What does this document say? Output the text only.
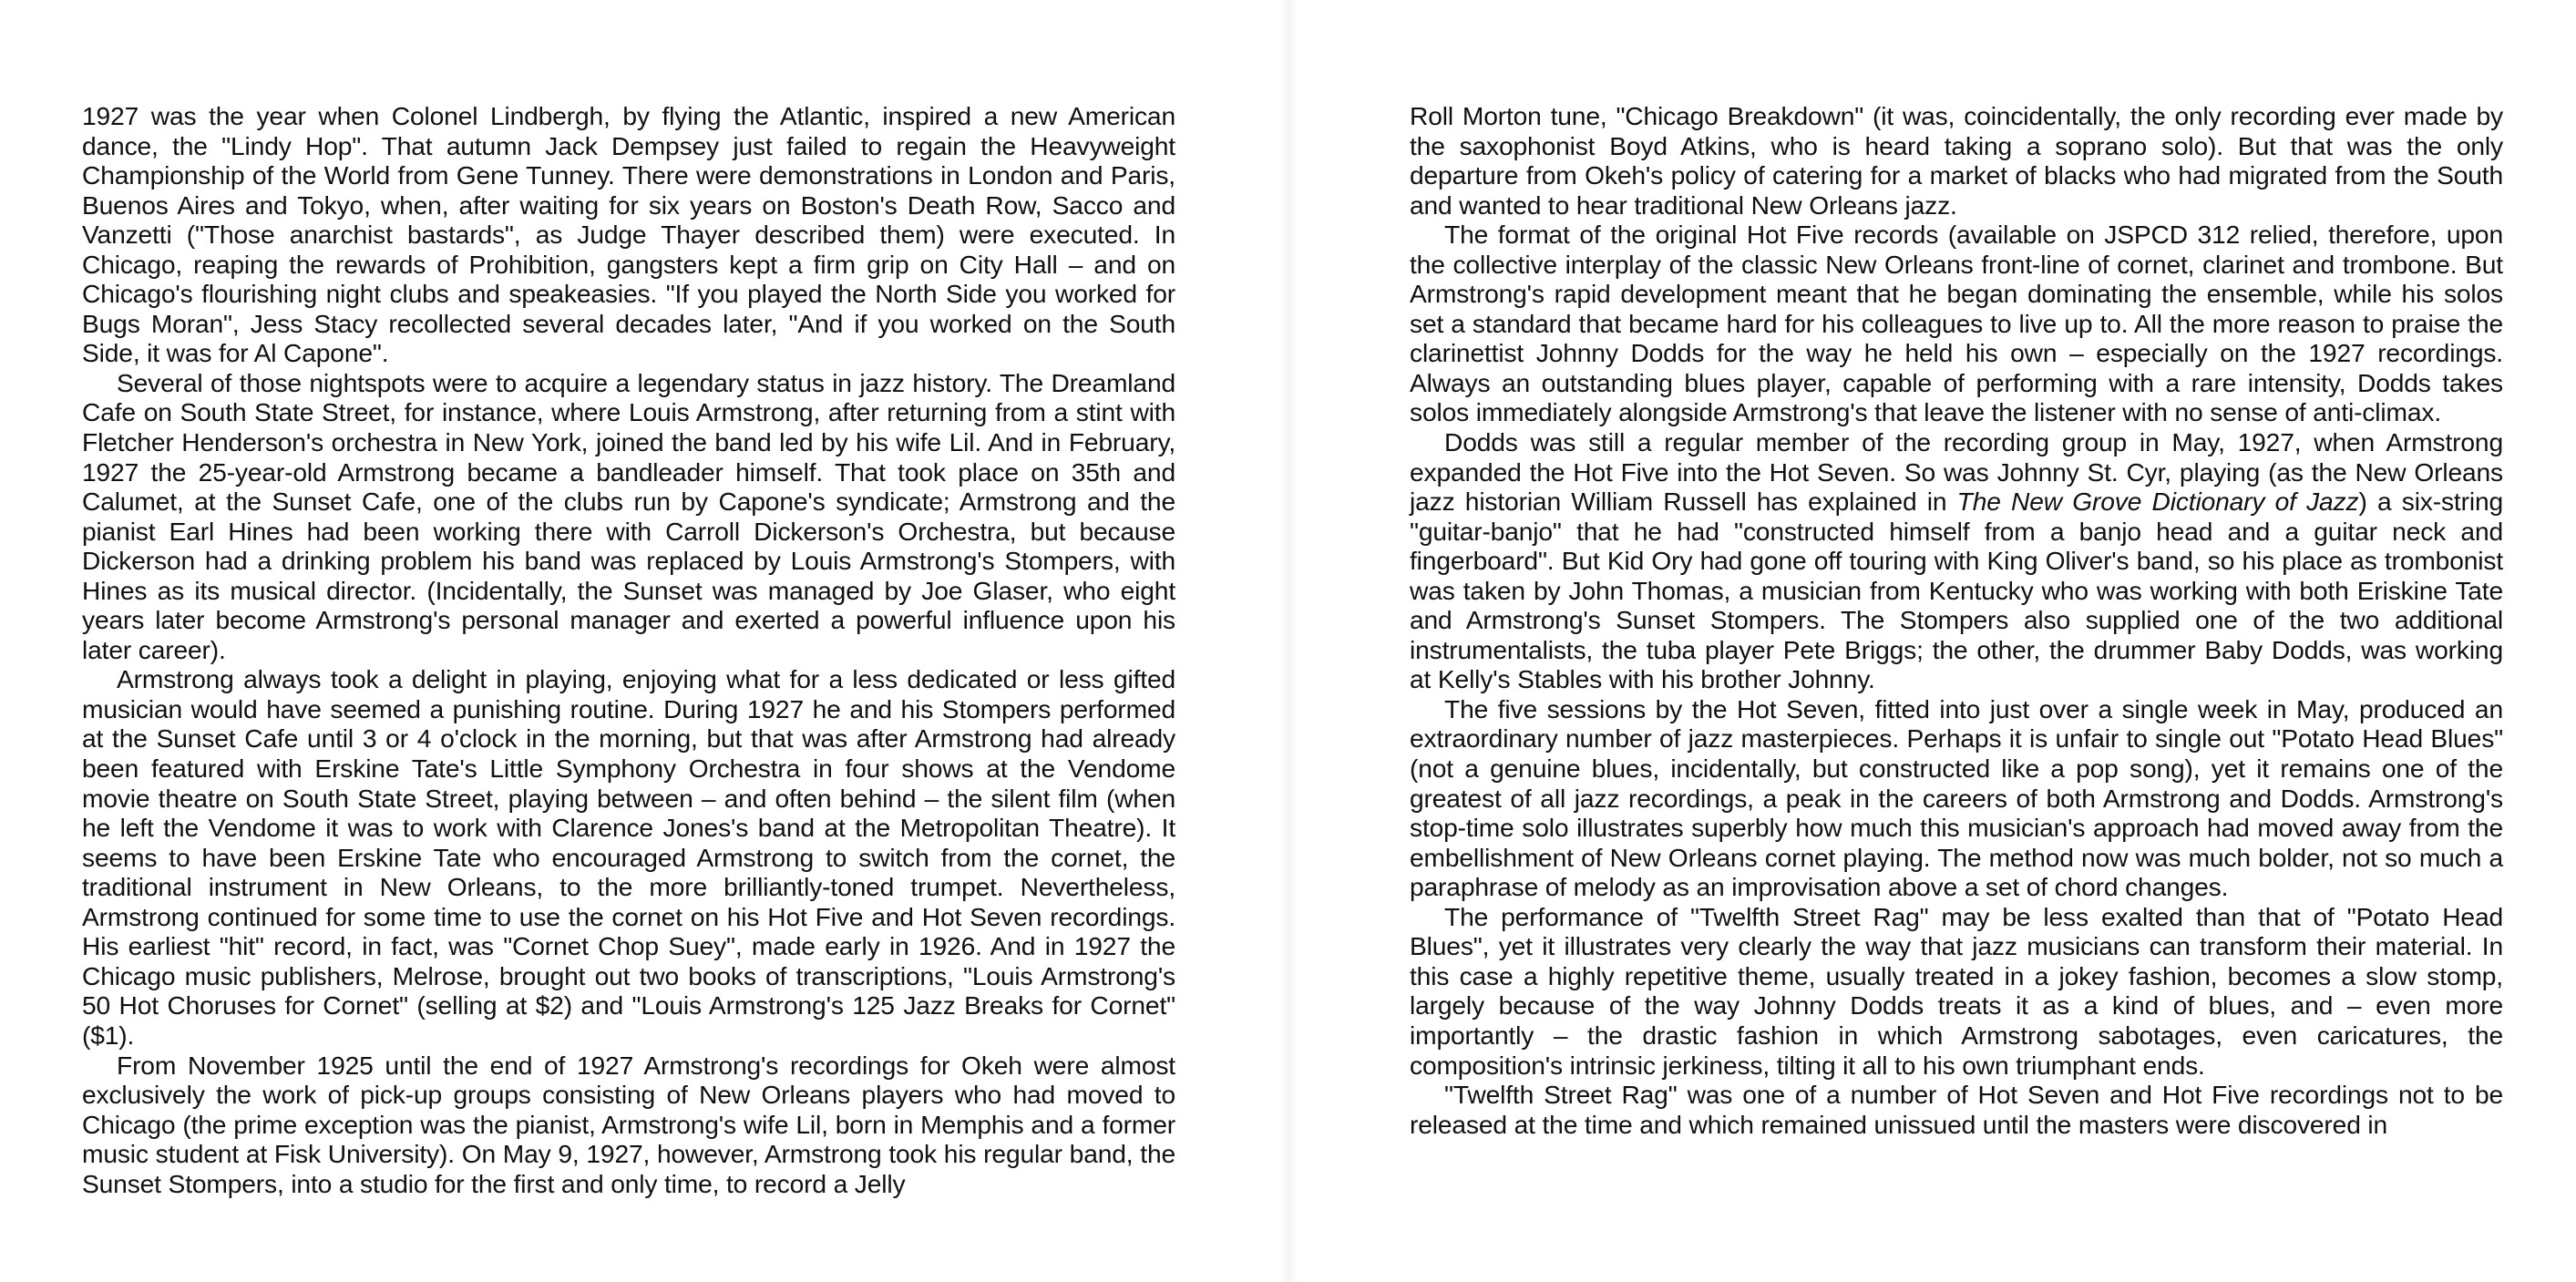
1927 was the year when Colonel Lindbergh, by flying the Atlantic, inspired a new American dance, the "Lindy Hop". That autumn Jack Dempsey just failed to regain the Heavyweight Championship of the World from Gene Tunney. There were demonstrations in London and Paris, Buenos Aires and Tokyo, when, after waiting for six years on Boston's Death Row, Sacco and Vanzetti ("Those anarchist bastards", as Judge Thayer described them) were executed. In Chicago, reaping the rewards of Prohibition, gangsters kept a firm grip on City Hall – and on Chicago's flourishing night clubs and speakeasies. "If you played the North Side you worked for Bugs Moran", Jess Stacy recollected several decades later, "And if you worked on the South Side, it was for Al Capone".

Several of those nightspots were to acquire a legendary status in jazz history. The Dreamland Cafe on South State Street, for instance, where Louis Armstrong, after returning from a stint with Fletcher Henderson's orchestra in New York, joined the band led by his wife Lil. And in February, 1927 the 25-year-old Armstrong became a bandleader himself. That took place on 35th and Calumet, at the Sunset Cafe, one of the clubs run by Capone's syndicate; Armstrong and the pianist Earl Hines had been working there with Carroll Dickerson's Orchestra, but because Dickerson had a drinking problem his band was replaced by Louis Armstrong's Stompers, with Hines as its musical director. (Incidentally, the Sunset was managed by Joe Glaser, who eight years later become Armstrong's personal manager and exerted a powerful influence upon his later career).

Armstrong always took a delight in playing, enjoying what for a less dedicated or less gifted musician would have seemed a punishing routine. During 1927 he and his Stompers performed at the Sunset Cafe until 3 or 4 o'clock in the morning, but that was after Armstrong had already been featured with Erskine Tate's Little Symphony Orchestra in four shows at the Vendome movie theatre on South State Street, playing between – and often behind – the silent film (when he left the Vendome it was to work with Clarence Jones's band at the Metropolitan Theatre). It seems to have been Erskine Tate who encouraged Armstrong to switch from the cornet, the traditional instrument in New Orleans, to the more brilliantly-toned trumpet. Nevertheless, Armstrong continued for some time to use the cornet on his Hot Five and Hot Seven recordings. His earliest "hit" record, in fact, was "Cornet Chop Suey", made early in 1926. And in 1927 the Chicago music publishers, Melrose, brought out two books of transcriptions, "Louis Armstrong's 50 Hot Choruses for Cornet" (selling at $2) and "Louis Armstrong's 125 Jazz Breaks for Cornet" ($1).

From November 1925 until the end of 1927 Armstrong's recordings for Okeh were almost exclusively the work of pick-up groups consisting of New Orleans players who had moved to Chicago (the prime exception was the pianist, Armstrong's wife Lil, born in Memphis and a former music student at Fisk University). On May 9, 1927, however, Armstrong took his regular band, the Sunset Stompers, into a studio for the first and only time, to record a Jelly

Roll Morton tune, "Chicago Breakdown" (it was, coincidentally, the only recording ever made by the saxophonist Boyd Atkins, who is heard taking a soprano solo). But that was the only departure from Okeh's policy of catering for a market of blacks who had migrated from the South and wanted to hear traditional New Orleans jazz.

The format of the original Hot Five records (available on JSPCD 312 relied, therefore, upon the collective interplay of the classic New Orleans front-line of cornet, clarinet and trombone. But Armstrong's rapid development meant that he began dominating the ensemble, while his solos set a standard that became hard for his colleagues to live up to. All the more reason to praise the clarinettist Johnny Dodds for the way he held his own – especially on the 1927 recordings. Always an outstanding blues player, capable of performing with a rare intensity, Dodds takes solos immediately alongside Armstrong's that leave the listener with no sense of anti-climax.

Dodds was still a regular member of the recording group in May, 1927, when Armstrong expanded the Hot Five into the Hot Seven. So was Johnny St. Cyr, playing (as the New Orleans jazz historian William Russell has explained in The New Grove Dictionary of Jazz) a six-string "guitar-banjo" that he had "constructed himself from a banjo head and a guitar neck and fingerboard". But Kid Ory had gone off touring with King Oliver's band, so his place as trombonist was taken by John Thomas, a musician from Kentucky who was working with both Eriskine Tate and Armstrong's Sunset Stompers. The Stompers also supplied one of the two additional instrumentalists, the tuba player Pete Briggs; the other, the drummer Baby Dodds, was working at Kelly's Stables with his brother Johnny.

The five sessions by the Hot Seven, fitted into just over a single week in May, produced an extraordinary number of jazz masterpieces. Perhaps it is unfair to single out "Potato Head Blues" (not a genuine blues, incidentally, but constructed like a pop song), yet it remains one of the greatest of all jazz recordings, a peak in the careers of both Armstrong and Dodds. Armstrong's stop-time solo illustrates superbly how much this musician's approach had moved away from the embellishment of New Orleans cornet playing. The method now was much bolder, not so much a paraphrase of melody as an improvisation above a set of chord changes.

The performance of "Twelfth Street Rag" may be less exalted than that of "Potato Head Blues", yet it illustrates very clearly the way that jazz musicians can transform their material. In this case a highly repetitive theme, usually treated in a jokey fashion, becomes a slow stomp, largely because of the way Johnny Dodds treats it as a kind of blues, and – even more importantly – the drastic fashion in which Armstrong sabotages, even caricatures, the composition's intrinsic jerkiness, tilting it all to his own triumphant ends.

"Twelfth Street Rag" was one of a number of Hot Seven and Hot Five recordings not to be released at the time and which remained unissued until the masters were discovered in
